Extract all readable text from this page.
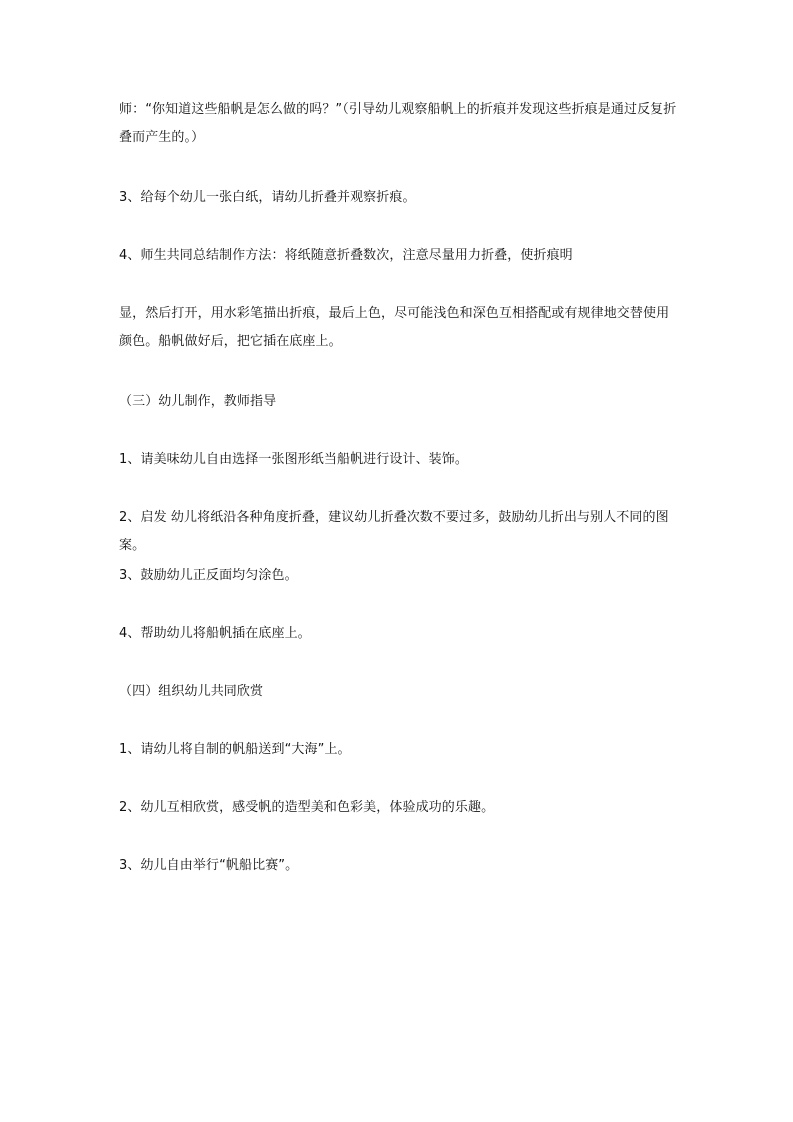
师：“你知道这些船帆是怎么做的吗？”（引导幼儿观察船帆上的折痕并发现这些折痕是通过反复折叠而产生的。）

3、给每个幼儿一张白纸，请幼儿折叠并观察折痕。

4、师生共同总结制作方法：将纸随意折叠数次，注意尽量用力折叠，使折痕明

显，然后打开，用水彩笔描出折痕，最后上色，尽可能浅色和深色互相搭配或有规律地交替使用颜色。船帆做好后，把它插在底座上。

（三）幼儿制作，教师指导

1、请美味幼儿自由选择一张图形纸当船帆进行设计、装饰。

2、启发 幼儿将纸沿各种角度折叠，建议幼儿折叠次数不要过多，鼓励幼儿折出与别人不同的图案。

3、鼓励幼儿正反面均匀涂色。

4、帮助幼儿将船帆插在底座上。

（四）组织幼儿共同欣赏

1、请幼儿将自制的帆船送到“大海”上。

2、幼儿互相欣赏，感受帆的造型美和色彩美，体验成功的乐趣。

3、幼儿自由举行“帆船比赛”。
